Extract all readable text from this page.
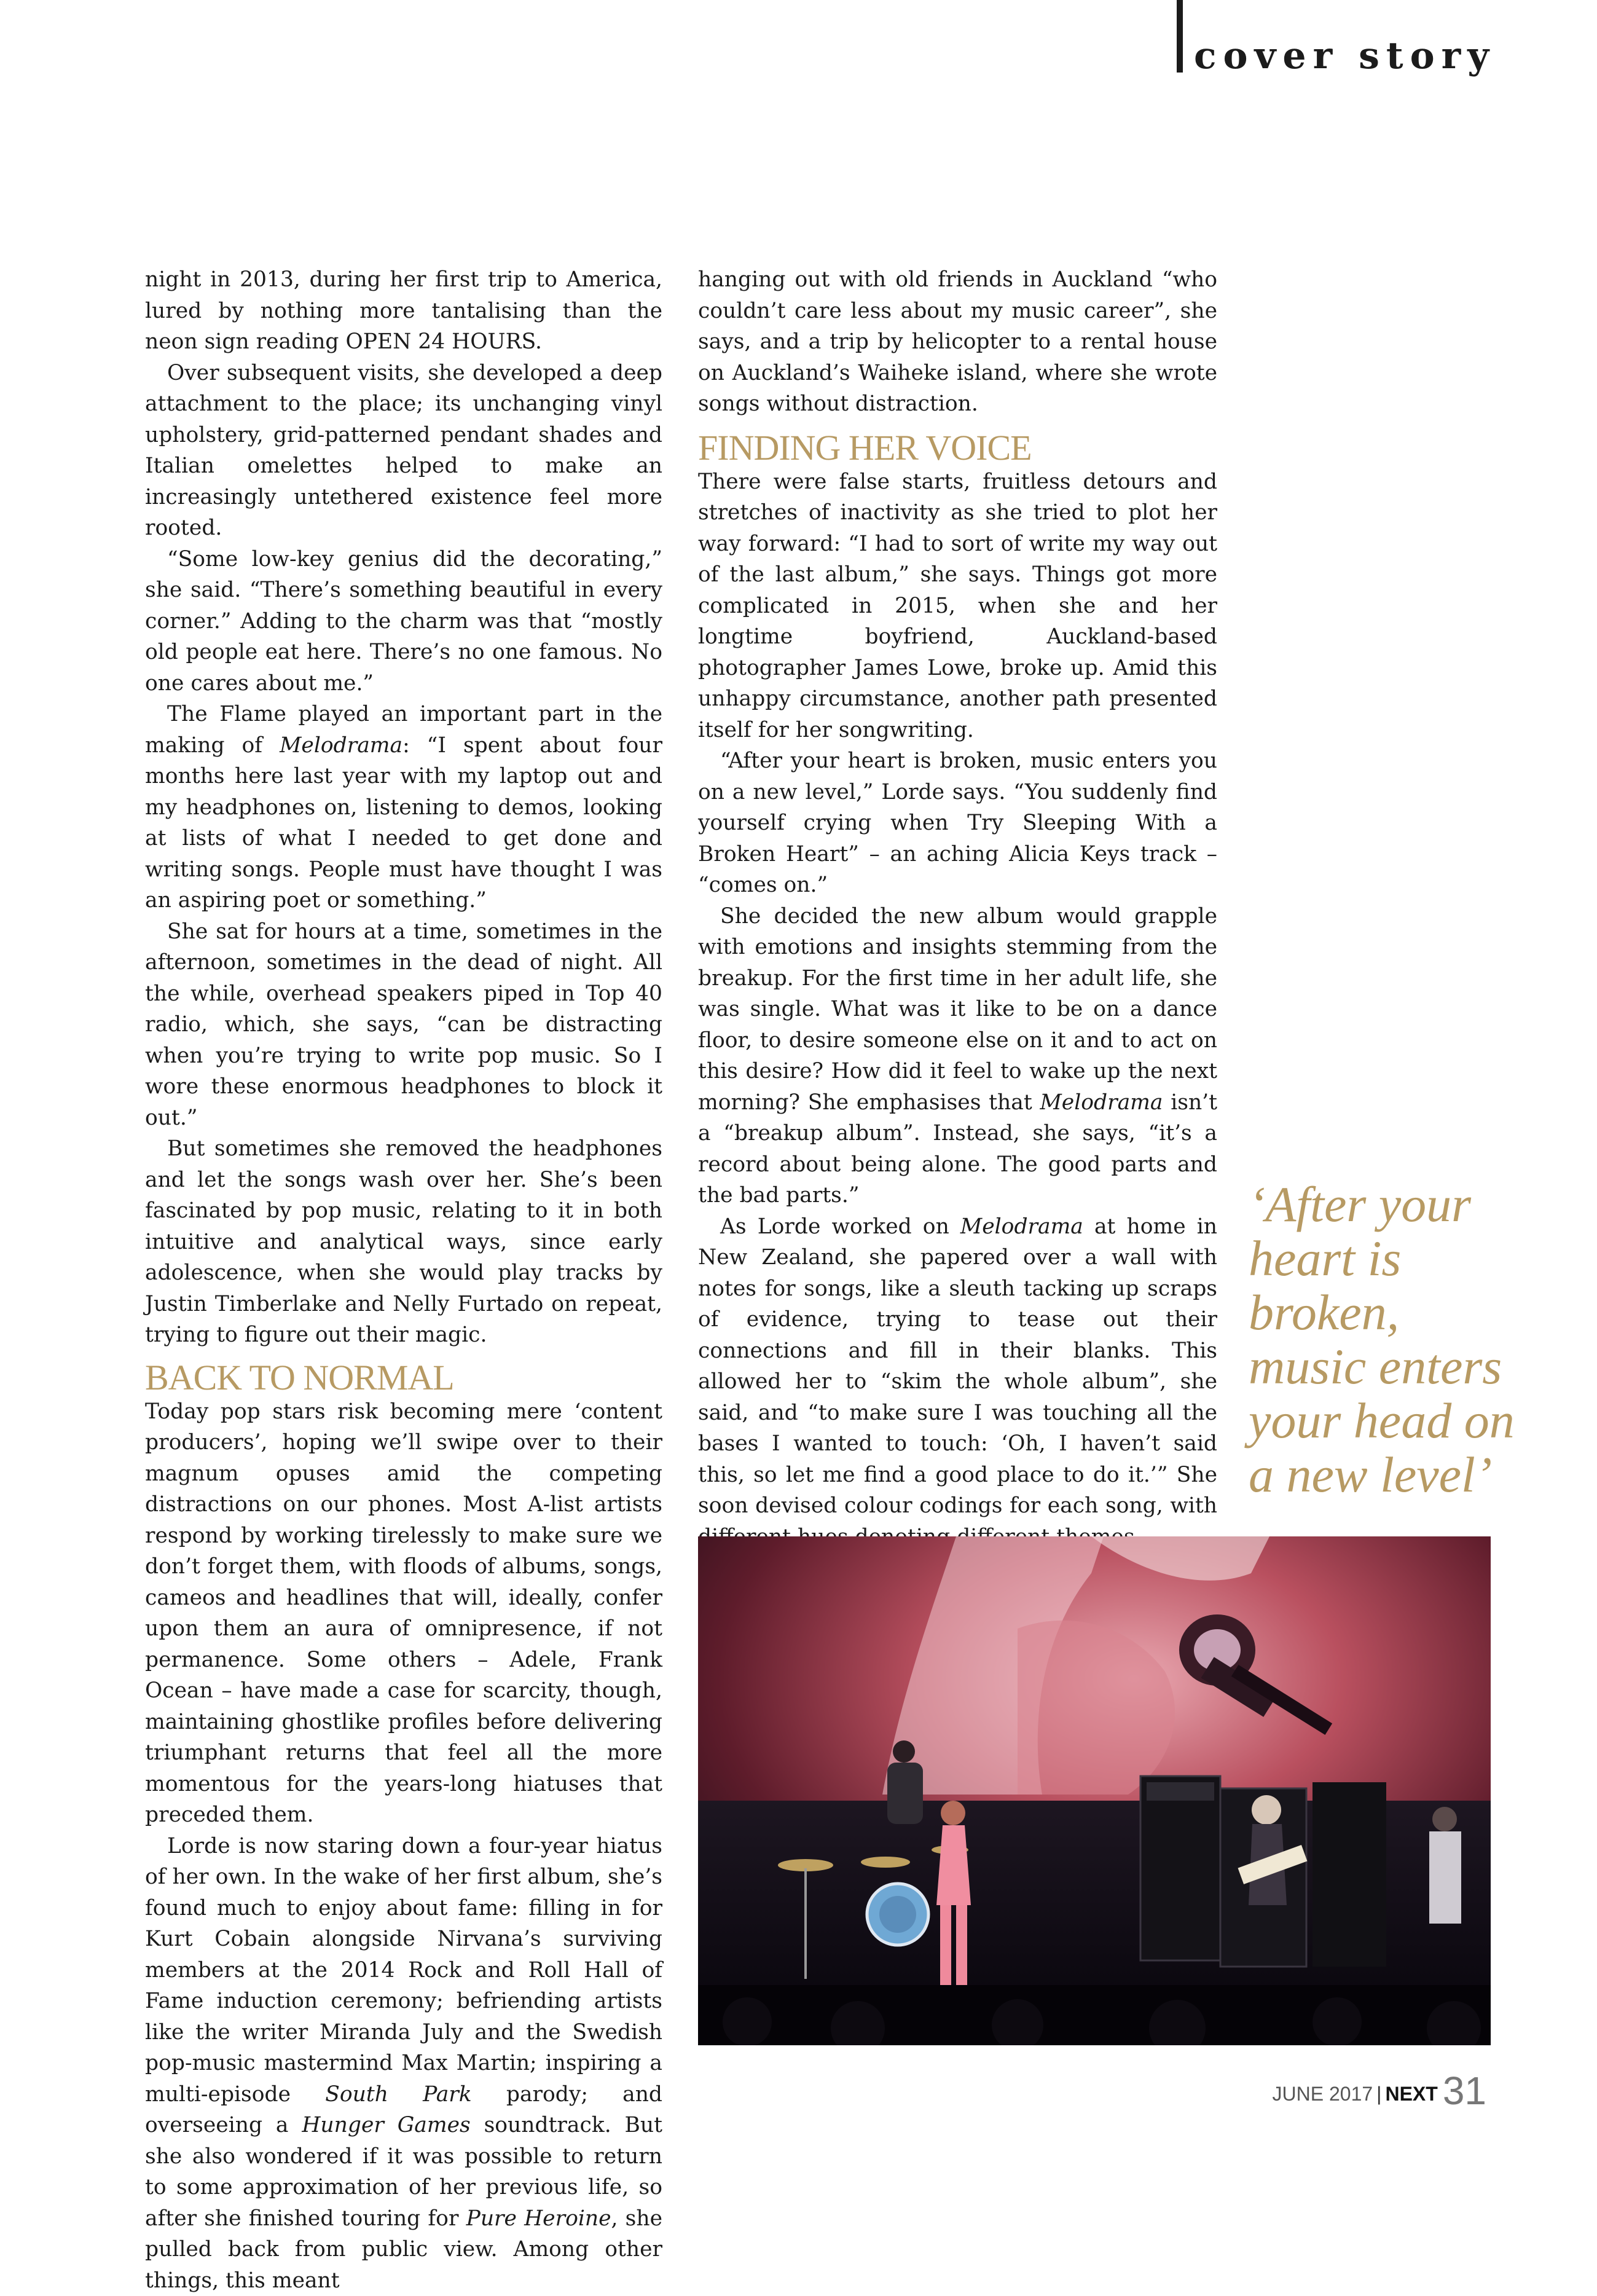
cover story

night in 2013, during her first trip to America, lured by nothing more tantalising than the neon sign reading OPEN 24 HOURS.

Over subsequent visits, she developed a deep attachment to the place; its unchanging vinyl upholstery, grid-patterned pendant shades and Italian omelettes helped to make an increasingly untethered existence feel more rooted.

“Some low-key genius did the decorating,” she said. “There’s something beautiful in every corner.” Adding to the charm was that “mostly old people eat here. There’s no one famous. No one cares about me.”

The Flame played an important part in the making of Melodrama: “I spent about four months here last year with my laptop out and my headphones on, listening to demos, looking at lists of what I needed to get done and writing songs. People must have thought I was an aspiring poet or something.”

She sat for hours at a time, sometimes in the afternoon, sometimes in the dead of night. All the while, overhead speakers piped in Top 40 radio, which, she says, “can be distracting when you’re trying to write pop music. So I wore these enormous headphones to block it out.”

But sometimes she removed the headphones and let the songs wash over her. She’s been fascinated by pop music, relating to it in both intuitive and analytical ways, since early adolescence, when she would play tracks by Justin Timberlake and Nelly Furtado on repeat, trying to figure out their magic.

BACK TO NORMAL

Today pop stars risk becoming mere ‘content producers’, hoping we’ll swipe over to their magnum opuses amid the competing distractions on our phones. Most A-list artists respond by working tirelessly to make sure we don’t forget them, with floods of albums, songs, cameos and headlines that will, ideally, confer upon them an aura of omnipresence, if not permanence. Some others – Adele, Frank Ocean – have made a case for scarcity, though, maintaining ghostlike profiles before delivering triumphant returns that feel all the more momentous for the years-long hiatuses that preceded them.

Lorde is now staring down a four-year hiatus of her own. In the wake of her first album, she’s found much to enjoy about fame: filling in for Kurt Cobain alongside Nirvana’s surviving members at the 2014 Rock and Roll Hall of Fame induction ceremony; befriending artists like the writer Miranda July and the Swedish pop-music mastermind Max Martin; inspiring a multi-episode South Park parody; and overseeing a Hunger Games soundtrack. But she also wondered if it was possible to return to some approximation of her previous life, so after she finished touring for Pure Heroine, she pulled back from public view. Among other things, this meant

hanging out with old friends in Auckland “who couldn’t care less about my music career”, she says, and a trip by helicopter to a rental house on Auckland’s Waiheke island, where she wrote songs without distraction.

FINDING HER VOICE

There were false starts, fruitless detours and stretches of inactivity as she tried to plot her way forward: “I had to sort of write my way out of the last album,” she says. Things got more complicated in 2015, when she and her longtime boyfriend, Auckland-based photographer James Lowe, broke up. Amid this unhappy circumstance, another path presented itself for her songwriting.

“After your heart is broken, music enters you on a new level,” Lorde says. “You suddenly find yourself crying when Try Sleeping With a Broken Heart” – an aching Alicia Keys track – “comes on.”

She decided the new album would grapple with emotions and insights stemming from the breakup. For the first time in her adult life, she was single. What was it like to be on a dance floor, to desire someone else on it and to act on this desire? How did it feel to wake up the next morning? She emphasises that Melodrama isn’t a “breakup album”. Instead, she says, “it’s a record about being alone. The good parts and the bad parts.”

As Lorde worked on Melodrama at home in New Zealand, she papered over a wall with notes for songs, like a sleuth tacking up scraps of evidence, trying to tease out their connections and fill in their blanks. This allowed her to “skim the whole album”, she said, and “to make sure I was touching all the bases I wanted to touch: ‘Oh, I haven’t said this, so let me find a good place to do it.’” She soon devised colour codings for each song, with

‘After your heart is broken, music enters your head on a new level’
JUNE 2017 | NEXT 31
